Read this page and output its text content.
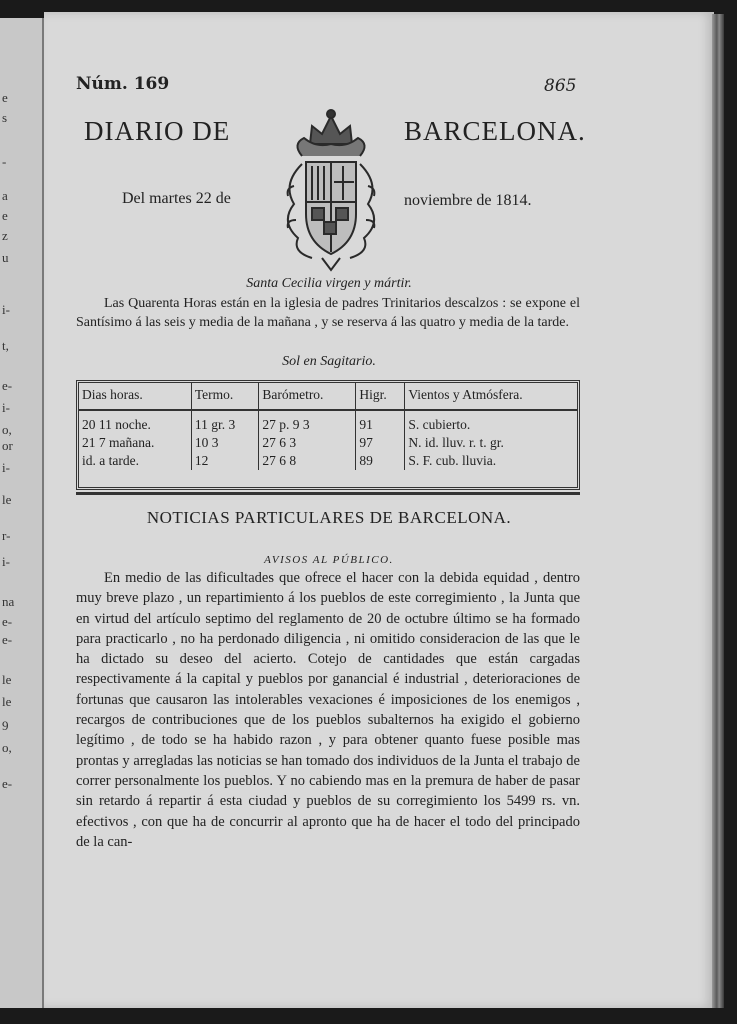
e
s
-
a
e
z
u
i-
t,
e-
i-
o,
or
i-
le
r-
i-
na
e-
e-
le
le
9
o,
e-
Núm. 169	865
DIARIO DE	BARCELONA.
Del martes 22 de	noviembre de 1814.
Santa Cecilia virgen y mártir.
Las Quarenta Horas están en la iglesia de padres Trinitarios descalzos : se expone el Santísimo á las seis y media de la mañana , y se reserva á las quatro y media de la tarde.
Sol en Sagitario.
Dias horas.	Termo.	Barómetro.	Higr.	Vientos y Atmósfera.
20 11 noche.	11 gr. 3	27 p. 9 3	91	S. cubierto.
21 7 mañana.	10 3	27 6 3	97	N. id. lluv. r. t. gr.
id. a tarde.	12	27 6 8	89	S. F. cub. lluvia.
NOTICIAS PARTICULARES DE BARCELONA.
AVISOS AL PÚBLICO.
En medio de las dificultades que ofrece el hacer con la debida equidad , dentro muy breve plazo , un repartimiento á los pueblos de este corregimiento , la Junta que en virtud del artículo septimo del reglamento de 20 de octubre último se ha formado para practicarlo , no ha perdonado diligencia , ni omitido consideracion de las que le ha dictado su deseo del acierto. Cotejo de cantidades que están cargadas respectivamente á la capital y pueblos por ganancial é industrial , deterioraciones de fortunas que causaron las intolerables vexaciones é imposiciones de los enemigos , recargos de contribuciones que de los pueblos subalternos ha exigido el gobierno legítimo , de todo se ha habido razon , y para obtener quanto fuese posible mas prontas y arregladas las noticias se han tomado dos individuos de la Junta el trabajo de correr personalmente los pueblos. Y no cabiendo mas en la premura de haber de pasar sin retardo á repartir á esta ciudad y pueblos de su corregimiento los 5499 rs. vn. efectivos , con que ha de concurrir al apronto que ha de hacer el todo del principado de la can-
